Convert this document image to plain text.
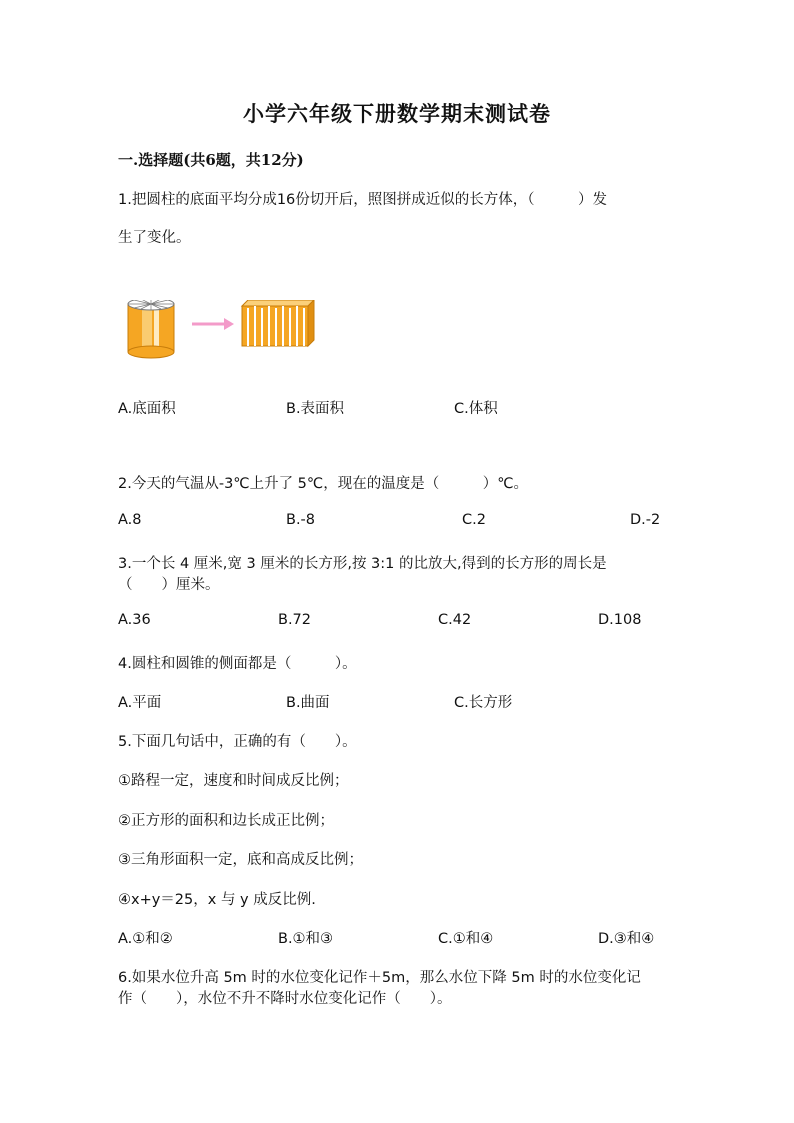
小学六年级下册数学期末测试卷
一.选择题(共6题，共12分)
1.把圆柱的底面平均分成16份切开后，照图拼成近似的长方体，（　　　）发
生了变化。
A.底面积	B.表面积	C.体积
2.今天的气温从-3℃上升了 5℃，现在的温度是（　　　）℃。
A.8	B.-8	C.2	D.-2
3.一个长 4 厘米,宽 3 厘米的长方形,按 3:1 的比放大,得到的长方形的周长是
（　　）厘米。
A.36	B.72	C.42	D.108
4.圆柱和圆锥的侧面都是（　　　）。
A.平面	B.曲面	C.长方形
5.下面几句话中，正确的有（　　）。
①路程一定，速度和时间成反比例；
②正方形的面积和边长成正比例；
③三角形面积一定，底和高成反比例；
④x+y＝25，x 与 y 成反比例.
A.①和②	B.①和③	C.①和④	D.③和④
6.如果水位升高 5m 时的水位变化记作＋5m，那么水位下降 5m 时的水位变化记
作（　　），水位不升不降时水位变化记作（　　）。
